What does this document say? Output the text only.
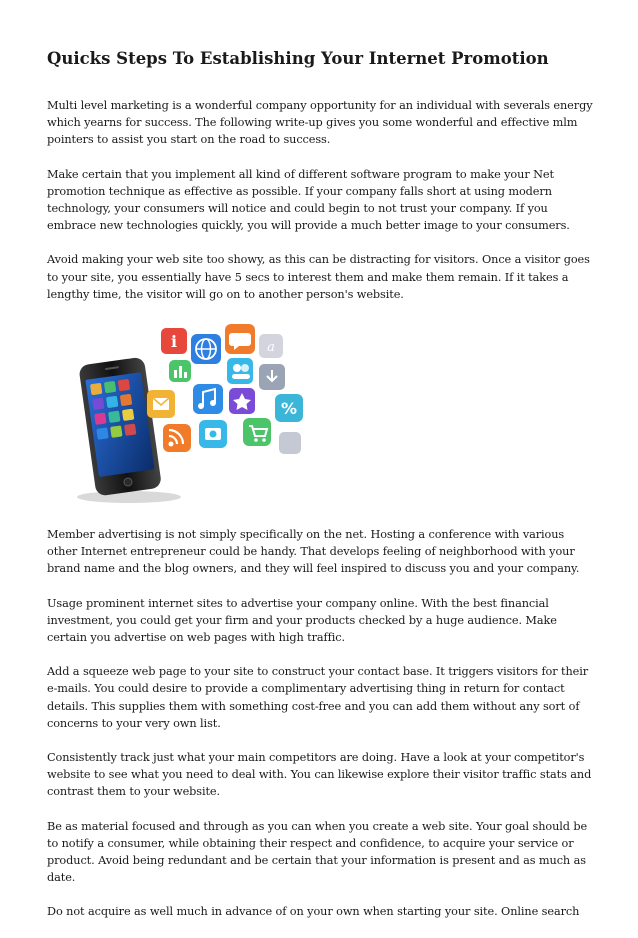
Quicks Steps To Establishing Your Internet Promotion

Multi level marketing is a wonderful company opportunity for an individual with severals energy which yearns for success. The following write-up gives you some wonderful and effective mlm pointers to assist you start on the road to success.

Make certain that you implement all kind of different software program to make your Net promotion technique as effective as possible. If your company falls short at using modern technology, your consumers will notice and could begin to not trust your company. If you embrace new technologies quickly, you will provide a much better image to your consumers.

Avoid making your web site too showy, as this can be distracting for visitors. Once a visitor goes to your site, you essentially have 5 secs to interest them and make them remain. If it takes a lengthy time, the visitor will go on to another person's website.

i	a
%

Member advertising is not simply specifically on the net. Hosting a conference with various other Internet entrepreneur could be handy. That develops feeling of neighborhood with your brand name and the blog owners, and they will feel inspired to discuss you and your company.

Usage prominent internet sites to advertise your company online. With the best financial investment, you could get your firm and your products checked by a huge audience. Make certain you advertise on web pages with high traffic.

Add a squeeze web page to your site to construct your contact base. It triggers visitors for their e-mails. You could desire to provide a complimentary advertising thing in return for contact details. This supplies them with something cost-free and you can add them without any sort of concerns to your very own list.

Consistently track just what your main competitors are doing. Have a look at your competitor's website to see what you need to deal with. You can likewise explore their visitor traffic stats and contrast them to your website.

Be as material focused and through as you can when you create a web site. Your goal should be to notify a consumer, while obtaining their respect and confidence, to acquire your service or product. Avoid being redundant and be certain that your information is present and as much as date.

Do not acquire as well much in advance of on your own when starting your site. Online search
